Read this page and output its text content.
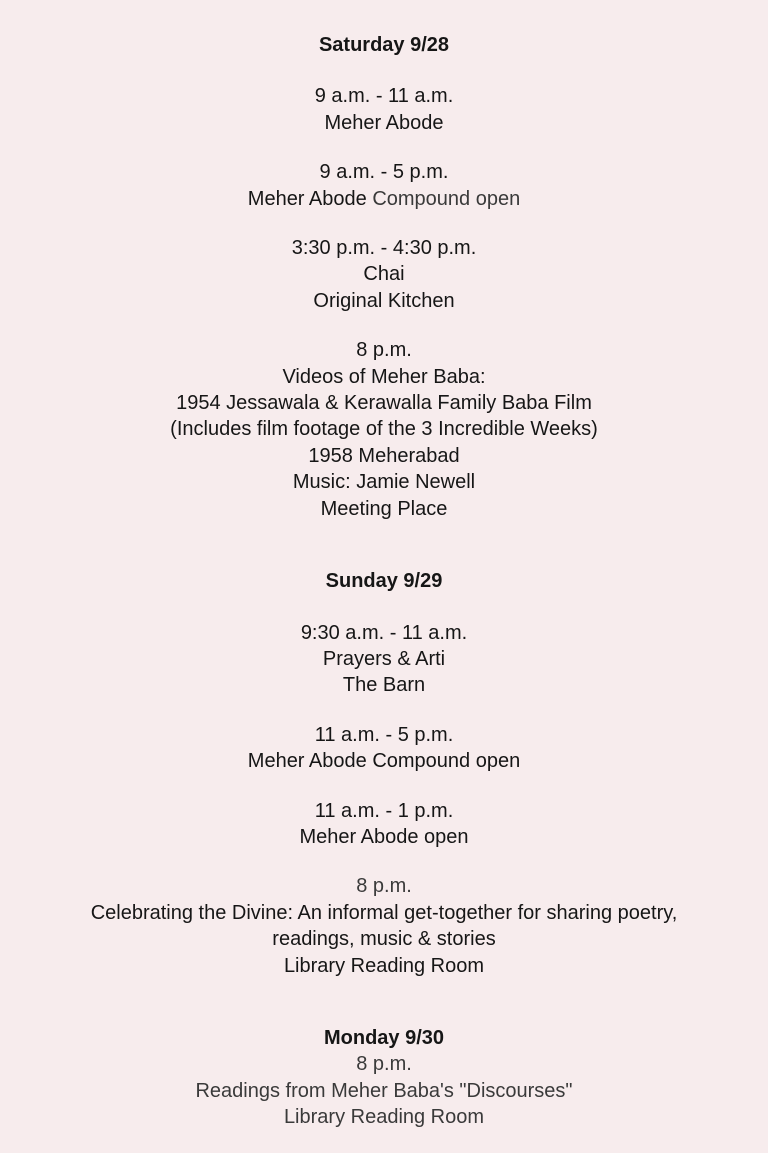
Saturday 9/28
9 a.m. - 11 a.m.
Meher Abode
9 a.m. - 5 p.m.
Meher Abode Compound open
3:30 p.m. - 4:30 p.m.
Chai
Original Kitchen
8 p.m.
Videos of Meher Baba:
1954 Jessawala & Kerawalla Family Baba Film
(Includes film footage of the 3 Incredible Weeks)
1958 Meherabad
Music: Jamie Newell
Meeting Place
Sunday 9/29
9:30 a.m. - 11 a.m.
Prayers & Arti
The Barn
11 a.m. - 5 p.m.
Meher Abode Compound open
11 a.m. - 1 p.m.
Meher Abode open
8 p.m.
Celebrating the Divine: An informal get-together for sharing poetry,
readings, music & stories
Library Reading Room
Monday 9/30
8 p.m.
Readings from Meher Baba's "Discourses"
Library Reading Room
